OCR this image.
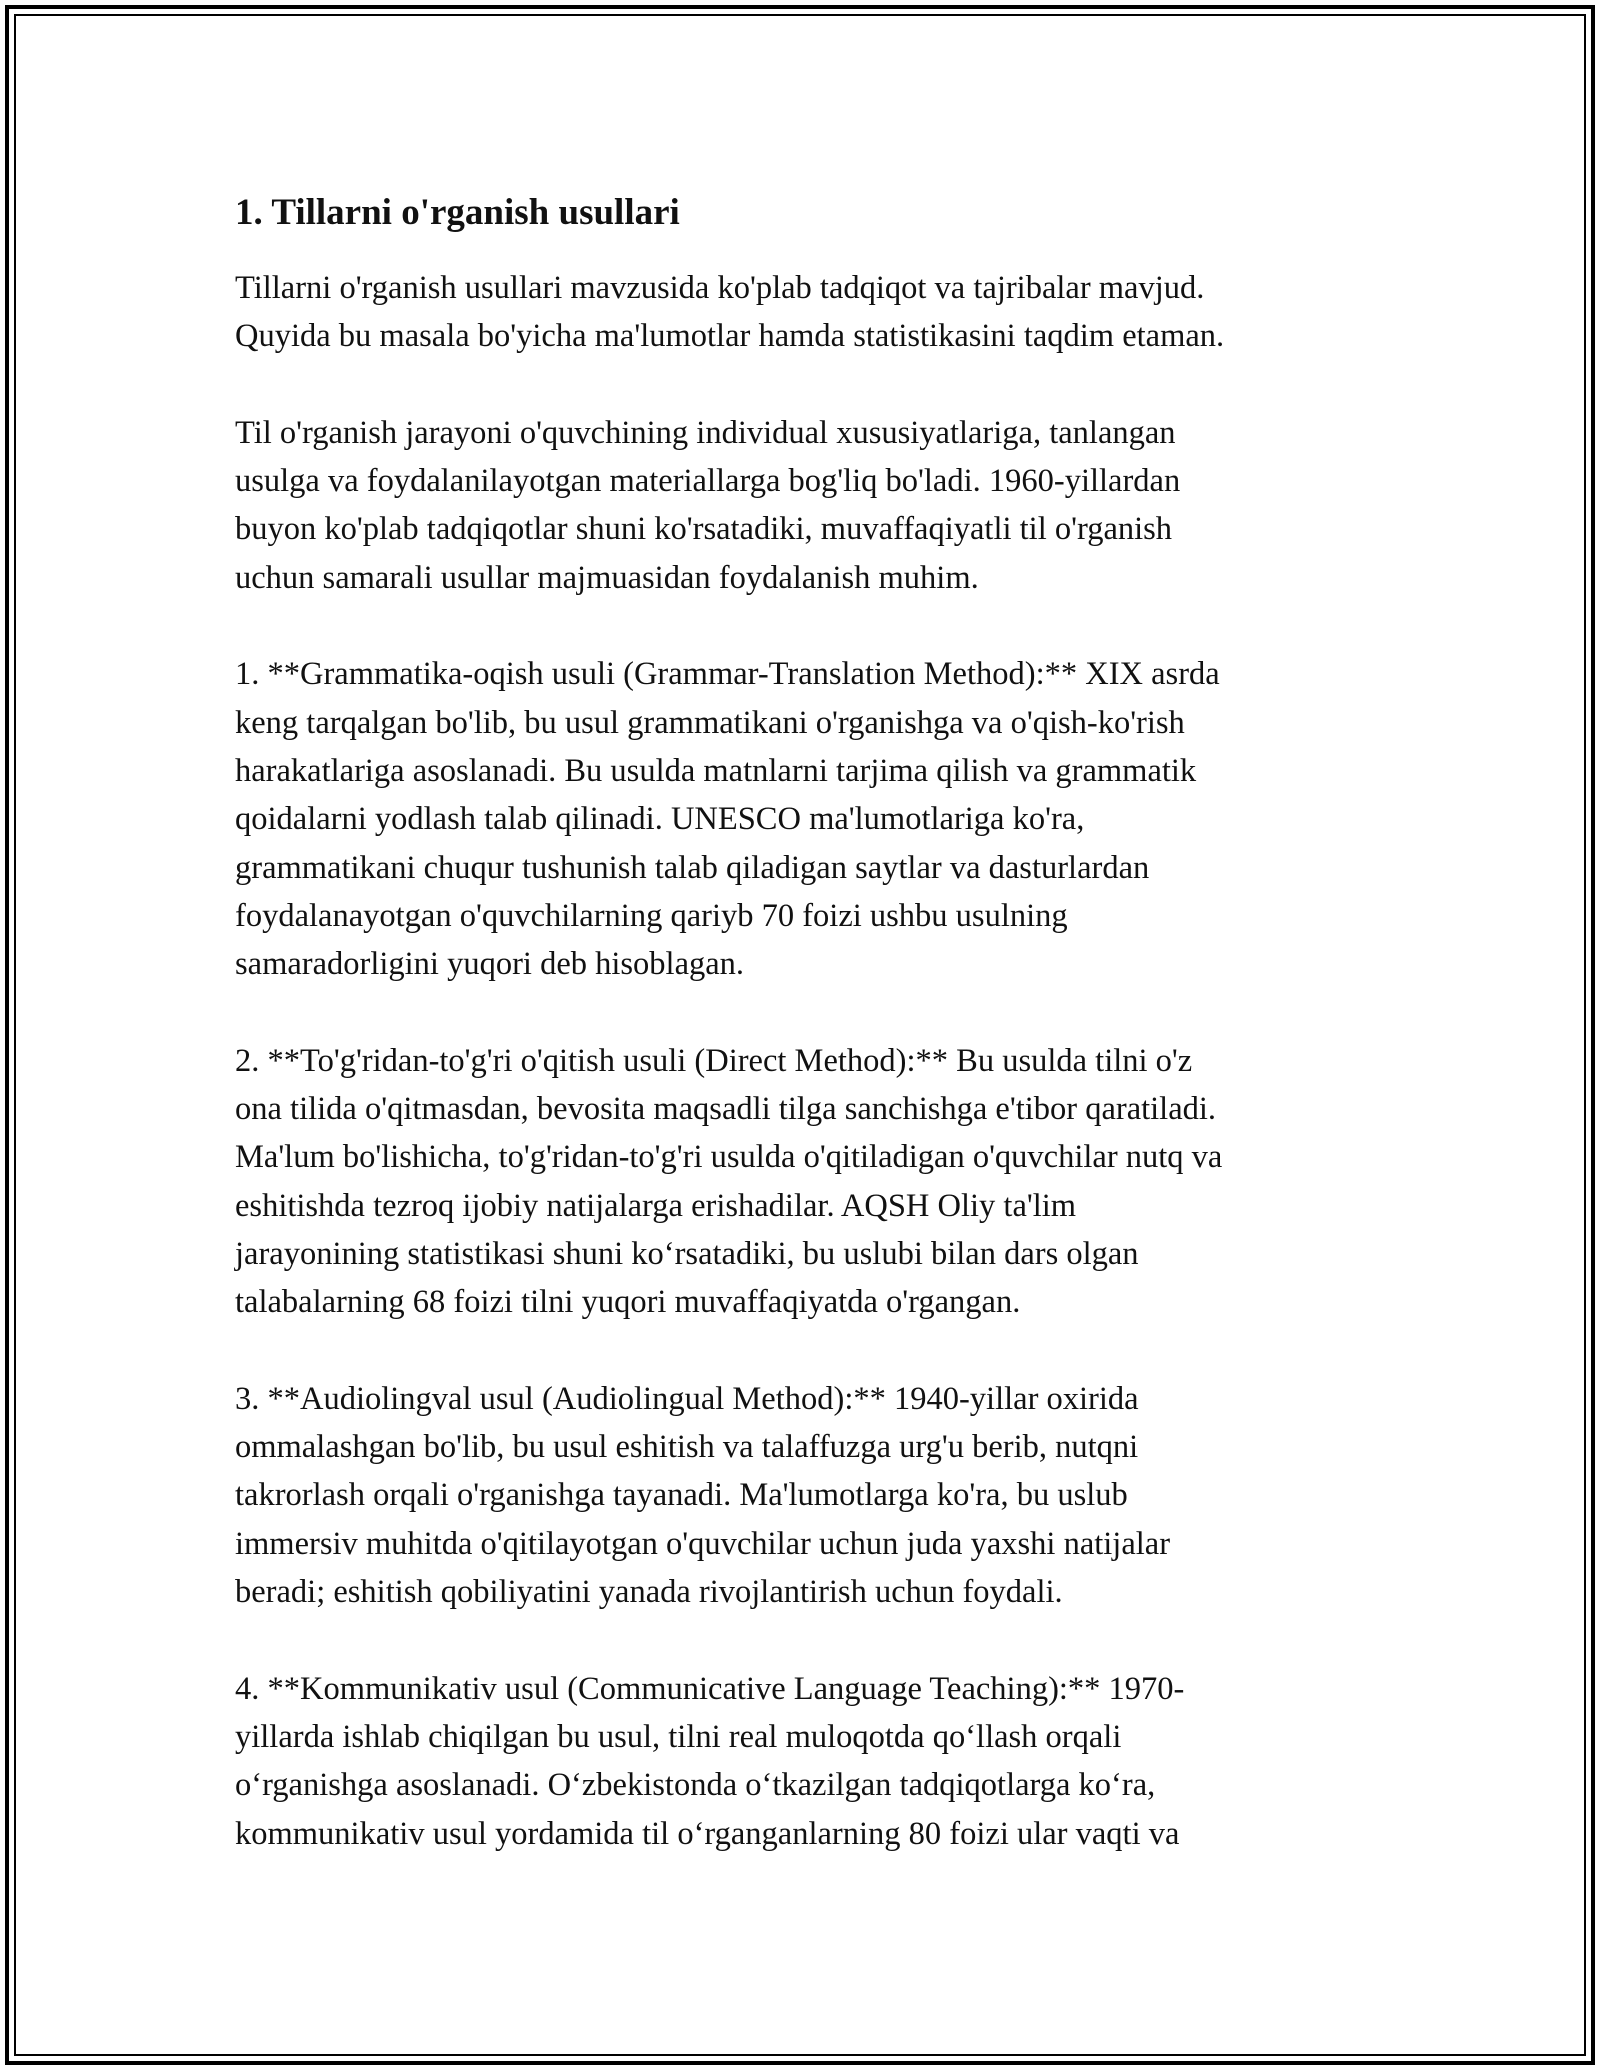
1. Tillarni o'rganish usullari

Tillarni o'rganish usullari mavzusida ko'plab tadqiqot va tajribalar mavjud.
Quyida bu masala bo'yicha ma'lumotlar hamda statistikasini taqdim etaman.

Til o'rganish jarayoni o'quvchining individual xususiyatlariga, tanlangan
usulga va foydalanilayotgan materiallarga bog'liq bo'ladi. 1960-yillardan
buyon ko'plab tadqiqotlar shuni ko'rsatadiki, muvaffaqiyatli til o'rganish
uchun samarali usullar majmuasidan foydalanish muhim.

1. **Grammatika-oqish usuli (Grammar-Translation Method):** XIX asrda
keng tarqalgan bo'lib, bu usul grammatikani o'rganishga va o'qish-ko'rish
harakatlariga asoslanadi. Bu usulda matnlarni tarjima qilish va grammatik
qoidalarni yodlash talab qilinadi. UNESCO ma'lumotlariga ko'ra,
grammatikani chuqur tushunish talab qiladigan saytlar va dasturlardan
foydalanayotgan o'quvchilarning qariyb 70 foizi ushbu usulning
samaradorligini yuqori deb hisoblagan.

2. **To'g'ridan-to'g'ri o'qitish usuli (Direct Method):** Bu usulda tilni o'z
ona tilida o'qitmasdan, bevosita maqsadli tilga sanchishga e'tibor qaratiladi.
Ma'lum bo'lishicha, to'g'ridan-to'g'ri usulda o'qitiladigan o'quvchilar nutq va
eshitishda tezroq ijobiy natijalarga erishadilar. AQSH Oliy ta'lim
jarayonining statistikasi shuni ko‘rsatadiki, bu uslubi bilan dars olgan
talabalarning 68 foizi tilni yuqori muvaffaqiyatda o'rgangan.

3. **Audiolingval usul (Audiolingual Method):** 1940-yillar oxirida
ommalashgan bo'lib, bu usul eshitish va talaffuzga urg'u berib, nutqni
takrorlash orqali o'rganishga tayanadi. Ma'lumotlarga ko'ra, bu uslub
immersiv muhitda o'qitilayotgan o'quvchilar uchun juda yaxshi natijalar
beradi; eshitish qobiliyatini yanada rivojlantirish uchun foydali.

4. **Kommunikativ usul (Communicative Language Teaching):** 1970-
yillarda ishlab chiqilgan bu usul, tilni real muloqotda qo‘llash orqali
o‘rganishga asoslanadi. O‘zbekistonda o‘tkazilgan tadqiqotlarga ko‘ra,
kommunikativ usul yordamida til o‘rganganlarning 80 foizi ular vaqti va
